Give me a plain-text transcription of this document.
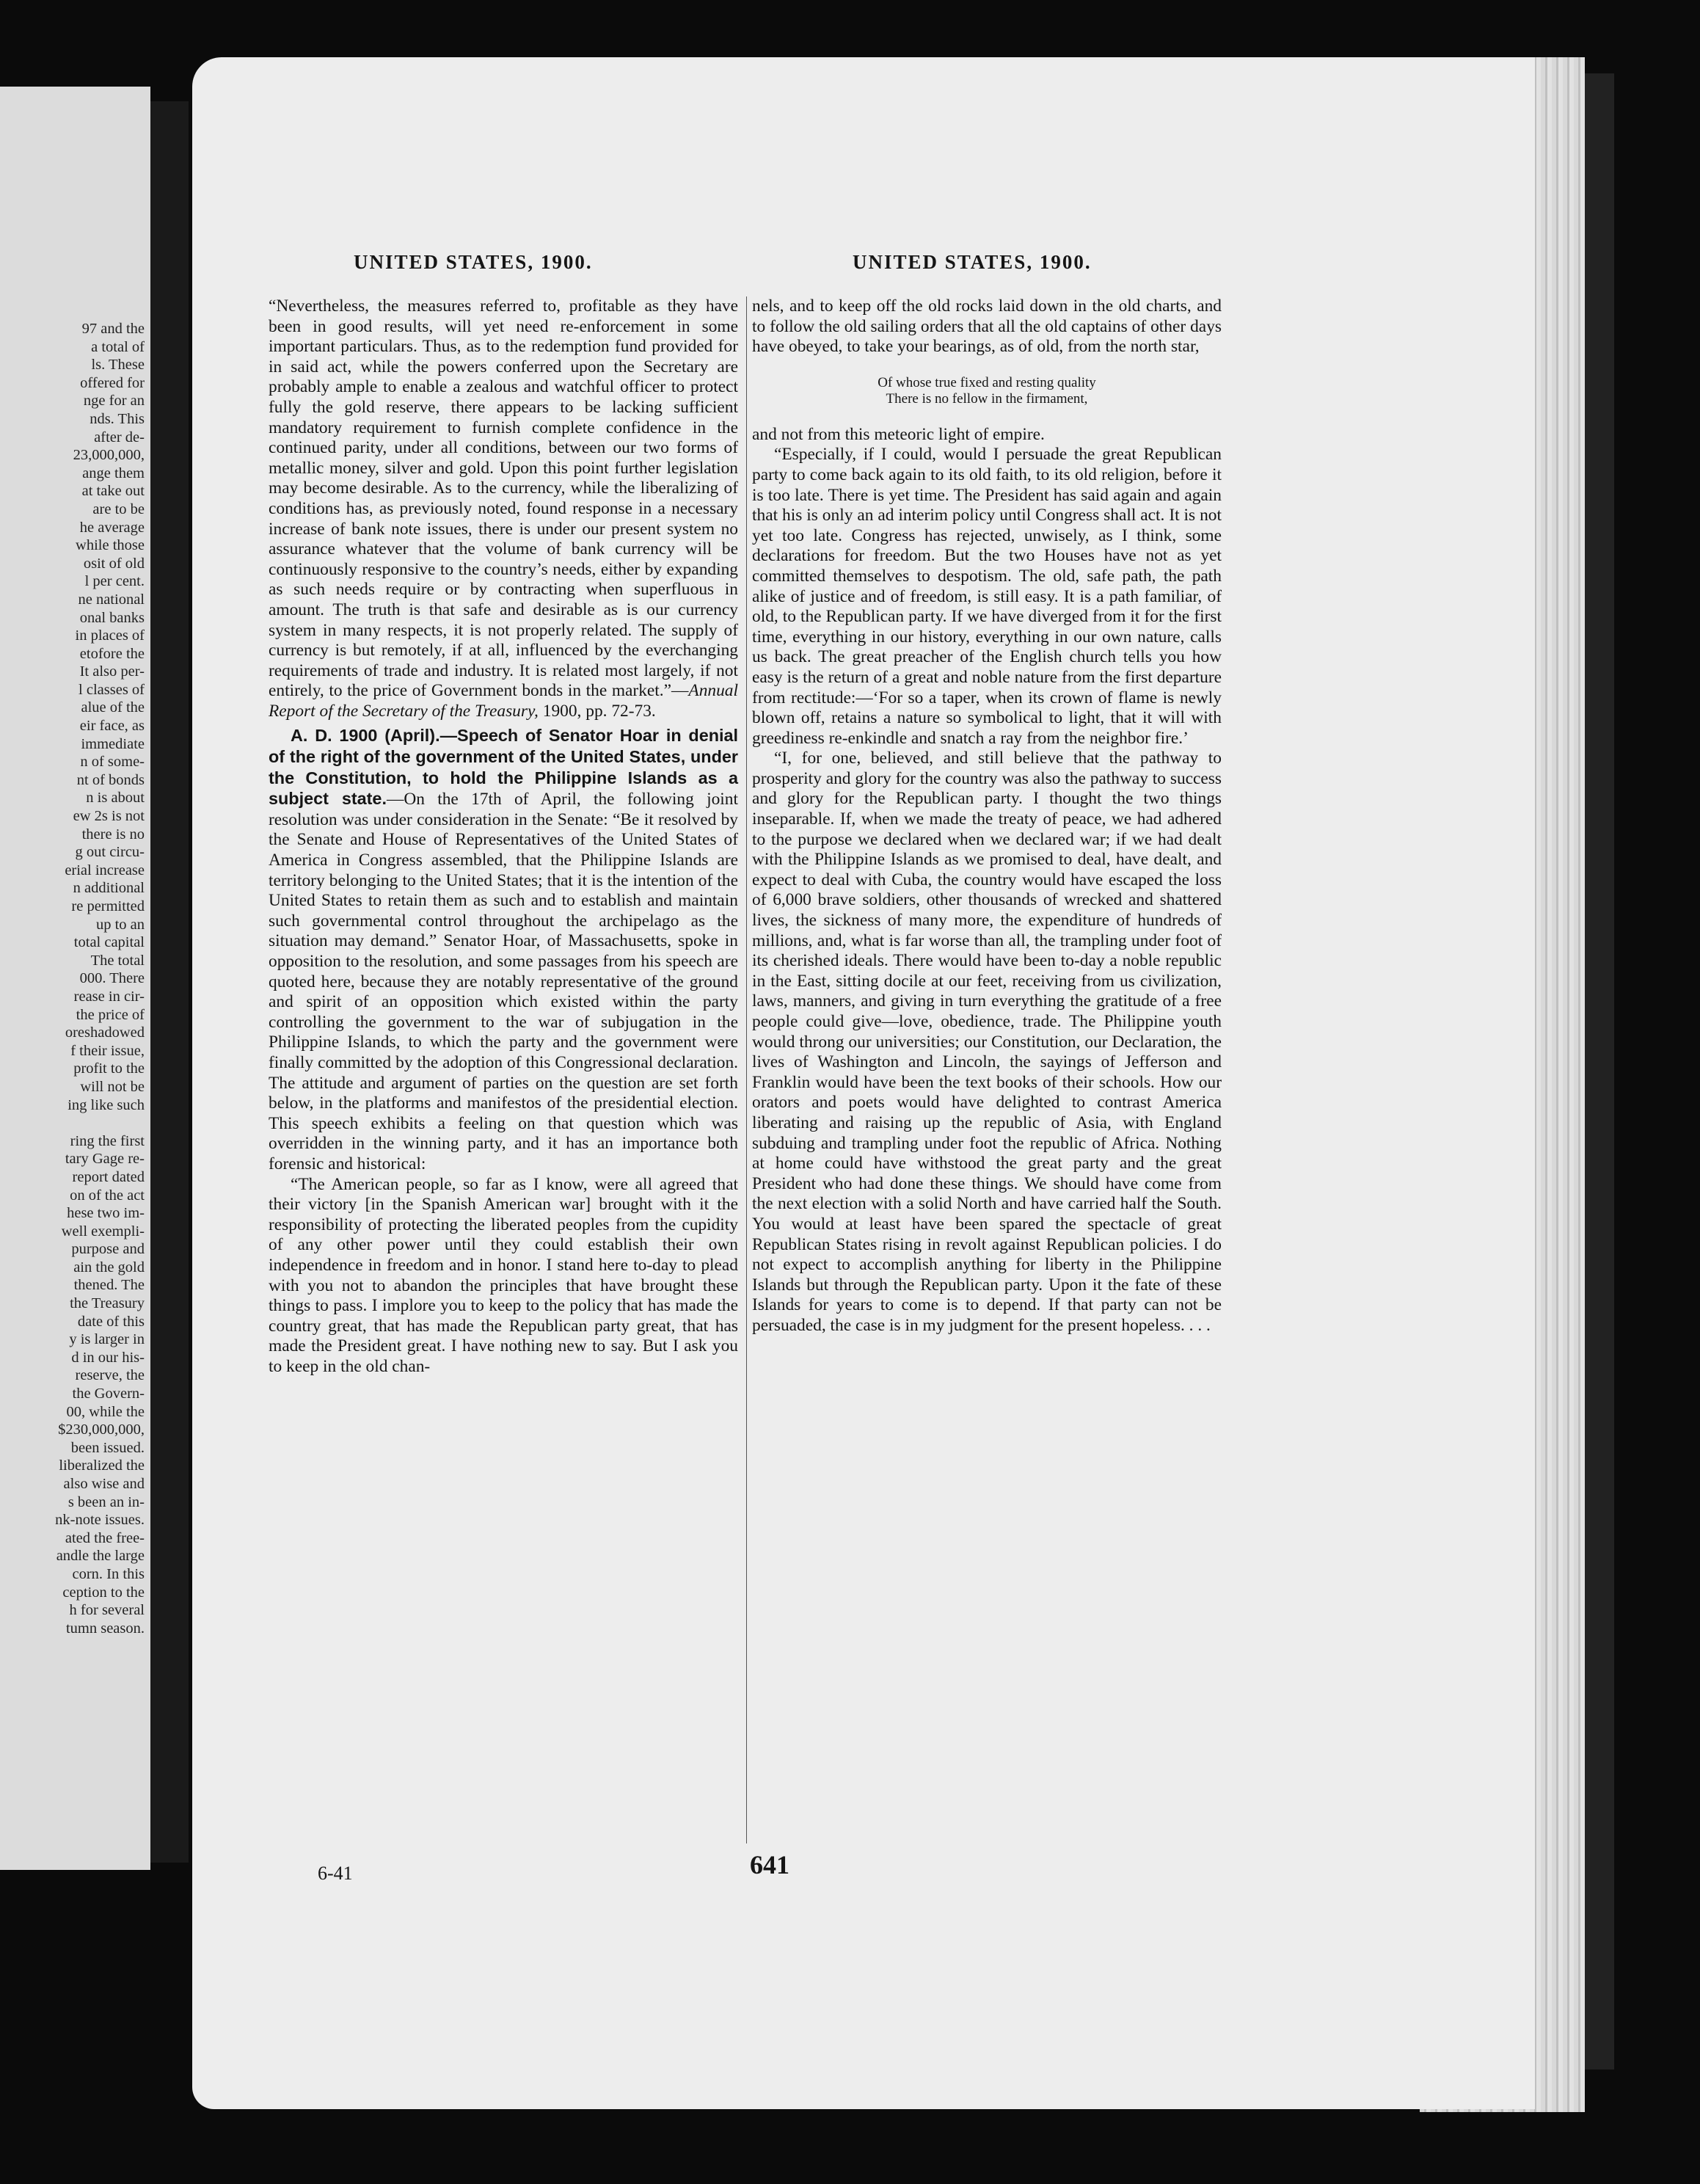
97 and the
a total of
ls. These
offered for
nge for an
nds. This
after de-
23,000,000,
ange them
at take out
are to be
he average
while those
osit of old
l per cent.
ne national
onal banks
in places of
etofore the
It also per-
l classes of
alue of the
eir face, as
immediate
n of some-
nt of bonds
n is about
ew 2s is not
there is no
g out circu-
erial increase
n additional
re permitted
up to an
total capital
The total
000. There
rease in cir-
the price of
oreshadowed
f their issue,
profit to the
will not be
ing like such

ring the first
tary Gage re-
report dated
on of the act
hese two im-
well exempli-
purpose and
ain the gold
thened. The
the Treasury
date of this
y is larger in
d in our his-
reserve, the
the Govern-
00, while the
$230,000,000,
been issued.
liberalized the
also wise and
s been an in-
nk-note issues.
ated the free-
andle the large
corn. In this
ception to the
h for several
tumn season.
UNITED STATES, 1900.	UNITED STATES, 1900.

“Nevertheless, the measures referred to, profitable as they have been in good results, will yet need re-enforcement in some important particulars. Thus, as to the redemption fund provided for in said act, while the powers conferred upon the Secretary are probably ample to enable a zealous and watchful officer to protect fully the gold reserve, there appears to be lacking sufficient mandatory requirement to furnish complete confidence in the continued parity, under all conditions, between our two forms of metallic money, silver and gold. Upon this point further legislation may become desirable. As to the currency, while the liberalizing of conditions has, as previously noted, found response in a necessary increase of bank note issues, there is under our present system no assurance whatever that the volume of bank currency will be continuously responsive to the country’s needs, either by expanding as such needs require or by contracting when superfluous in amount. The truth is that safe and desirable as is our currency system in many respects, it is not properly related. The supply of currency is but remotely, if at all, influenced by the everchanging requirements of trade and industry. It is related most largely, if not entirely, to the price of Government bonds in the market.”—Annual Report of the Secretary of the Treasury, 1900, pp. 72-73.

A. D. 1900 (April).—Speech of Senator Hoar in denial of the right of the government of the United States, under the Constitution, to hold the Philippine Islands as a subject state.—On the 17th of April, the following joint resolution was under consideration in the Senate: “Be it resolved by the Senate and House of Representatives of the United States of America in Congress assembled, that the Philippine Islands are territory belonging to the United States; that it is the intention of the United States to retain them as such and to establish and maintain such governmental control throughout the archipelago as the situation may demand.” Senator Hoar, of Massachusetts, spoke in opposition to the resolution, and some passages from his speech are quoted here, because they are notably representative of the ground and spirit of an opposition which existed within the party controlling the government to the war of subjugation in the Philippine Islands, to which the party and the government were finally committed by the adoption of this Congressional declaration. The attitude and argument of parties on the question are set forth below, in the platforms and manifestos of the presidential election. This speech exhibits a feeling on that question which was overridden in the winning party, and it has an importance both forensic and historical:

“The American people, so far as I know, were all agreed that their victory [in the Spanish American war] brought with it the responsibility of protecting the liberated peoples from the cupidity of any other power until they could establish their own independence in freedom and in honor. I stand here to-day to plead with you not to abandon the principles that have brought these things to pass. I implore you to keep to the policy that has made the country great, that has made the Republican party great, that has made the President great. I have nothing new to say. But I ask you to keep in the old chan-

nels, and to keep off the old rocks laid down in the old charts, and to follow the old sailing orders that all the old captains of other days have obeyed, to take your bearings, as of old, from the north star,

Of whose true fixed and resting quality
There is no fellow in the firmament,

and not from this meteoric light of empire.

“Especially, if I could, would I persuade the great Republican party to come back again to its old faith, to its old religion, before it is too late. There is yet time. The President has said again and again that his is only an ad interim policy until Congress shall act. It is not yet too late. Congress has rejected, unwisely, as I think, some declarations for freedom. But the two Houses have not as yet committed themselves to despotism. The old, safe path, the path alike of justice and of freedom, is still easy. It is a path familiar, of old, to the Republican party. If we have diverged from it for the first time, everything in our history, everything in our own nature, calls us back. The great preacher of the English church tells you how easy is the return of a great and noble nature from the first departure from rectitude:—‘For so a taper, when its crown of flame is newly blown off, retains a nature so symbolical to light, that it will with greediness re-enkindle and snatch a ray from the neighbor fire.’

“I, for one, believed, and still believe that the pathway to prosperity and glory for the country was also the pathway to success and glory for the Republican party. I thought the two things inseparable. If, when we made the treaty of peace, we had adhered to the purpose we declared when we declared war; if we had dealt with the Philippine Islands as we promised to deal, have dealt, and expect to deal with Cuba, the country would have escaped the loss of 6,000 brave soldiers, other thousands of wrecked and shattered lives, the sickness of many more, the expenditure of hundreds of millions, and, what is far worse than all, the trampling under foot of its cherished ideals. There would have been to-day a noble republic in the East, sitting docile at our feet, receiving from us civilization, laws, manners, and giving in turn everything the gratitude of a free people could give—love, obedience, trade. The Philippine youth would throng our universities; our Constitution, our Declaration, the lives of Washington and Lincoln, the sayings of Jefferson and Franklin would have been the text books of their schools. How our orators and poets would have delighted to contrast America liberating and raising up the republic of Asia, with England subduing and trampling under foot the republic of Africa. Nothing at home could have withstood the great party and the great President who had done these things. We should have come from the next election with a solid North and have carried half the South. You would at least have been spared the spectacle of great Republican States rising in revolt against Republican policies. I do not expect to accomplish anything for liberty in the Philippine Islands but through the Republican party. Upon it the fate of these Islands for years to come is to depend. If that party can not be persuaded, the case is in my judgment for the present hopeless. . . .

6-41	641
